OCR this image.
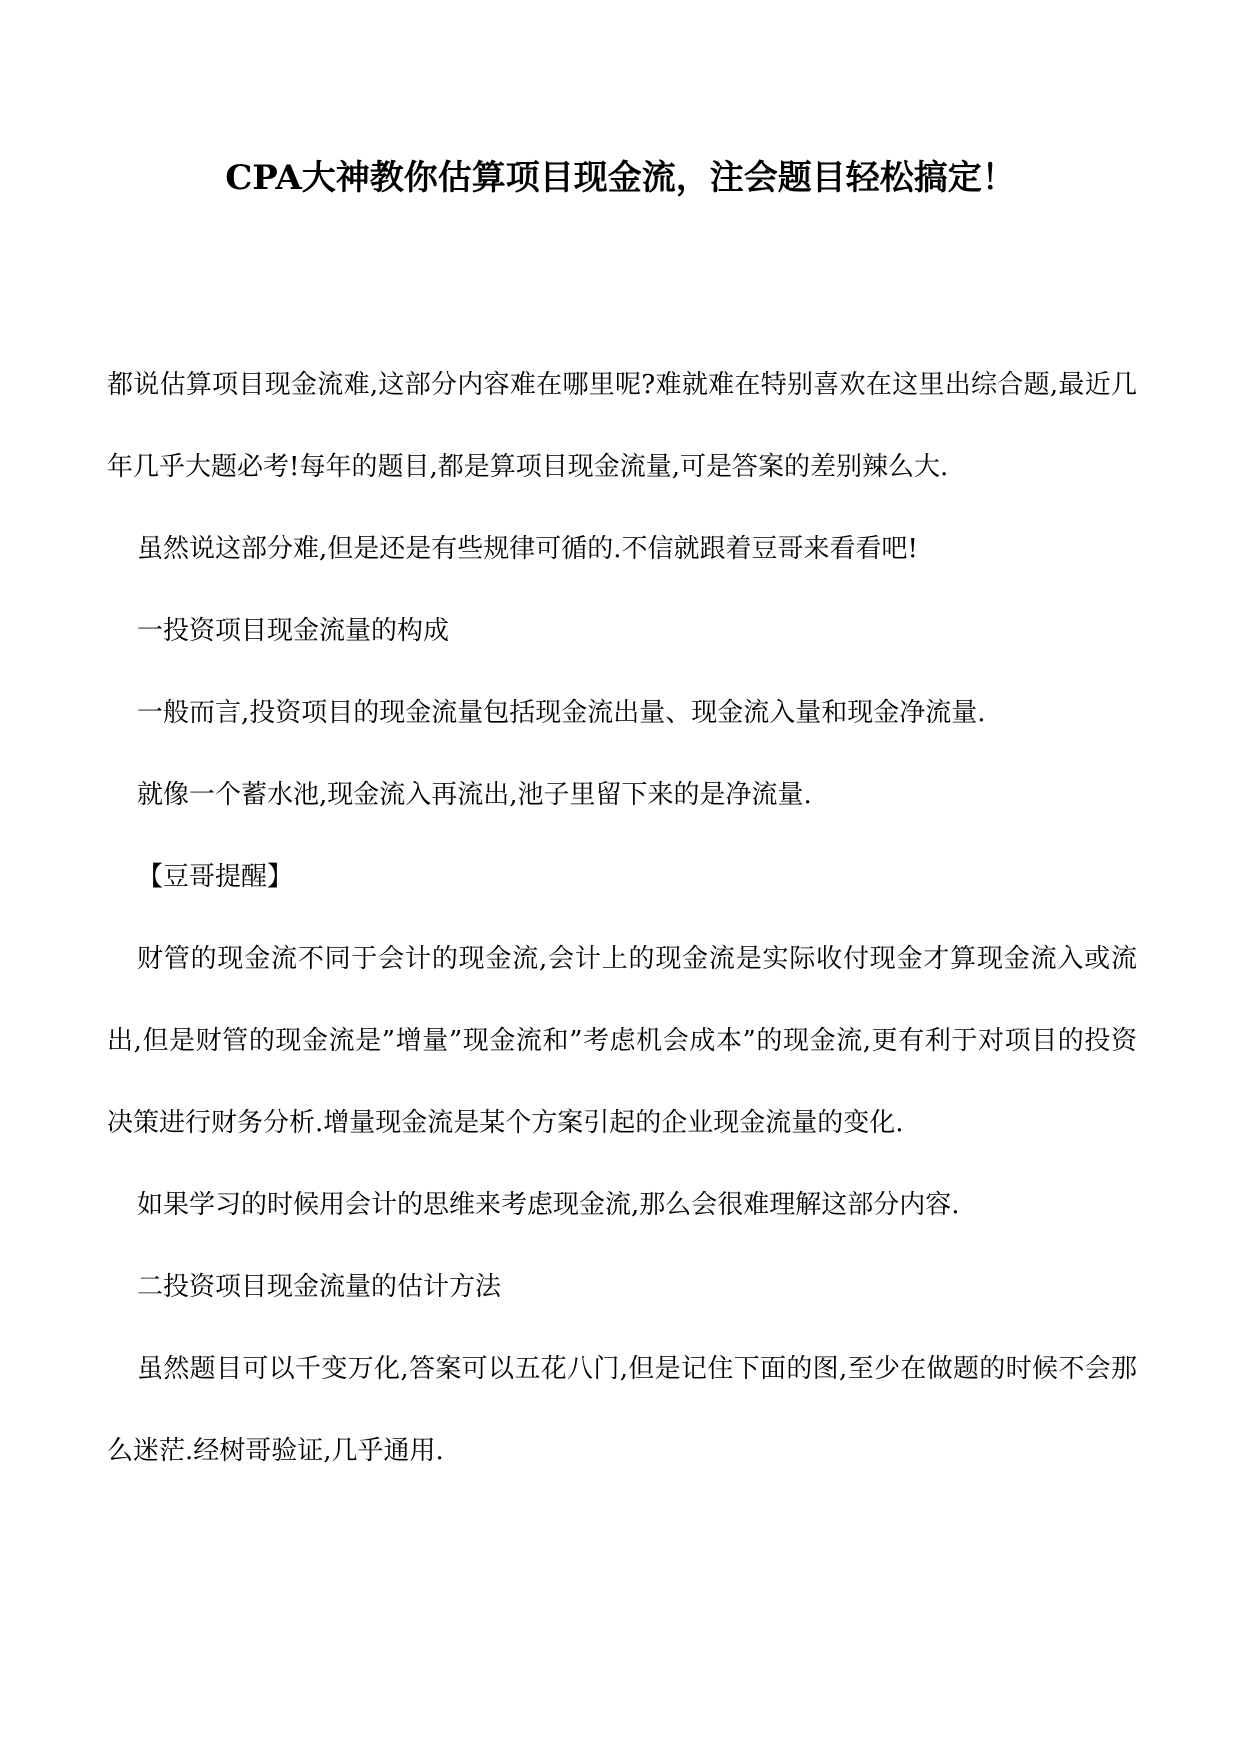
CPA大神教你估算项目现金流，注会题目轻松搞定！

都说估算项目现金流难,这部分内容难在哪里呢?难就难在特别喜欢在这里出综合题,最近几年几乎大题必考!每年的题目,都是算项目现金流量,可是答案的差别辣么大.

虽然说这部分难,但是还是有些规律可循的.不信就跟着豆哥来看看吧!

一投资项目现金流量的构成

一般而言,投资项目的现金流量包括现金流出量、现金流入量和现金净流量.

就像一个蓄水池,现金流入再流出,池子里留下来的是净流量.

【豆哥提醒】

财管的现金流不同于会计的现金流,会计上的现金流是实际收付现金才算现金流入或流出,但是财管的现金流是”增量”现金流和”考虑机会成本”的现金流,更有利于对项目的投资决策进行财务分析.增量现金流是某个方案引起的企业现金流量的变化.

如果学习的时候用会计的思维来考虑现金流,那么会很难理解这部分内容.

二投资项目现金流量的估计方法

虽然题目可以千变万化,答案可以五花八门,但是记住下面的图,至少在做题的时候不会那么迷茫.经树哥验证,几乎通用.
